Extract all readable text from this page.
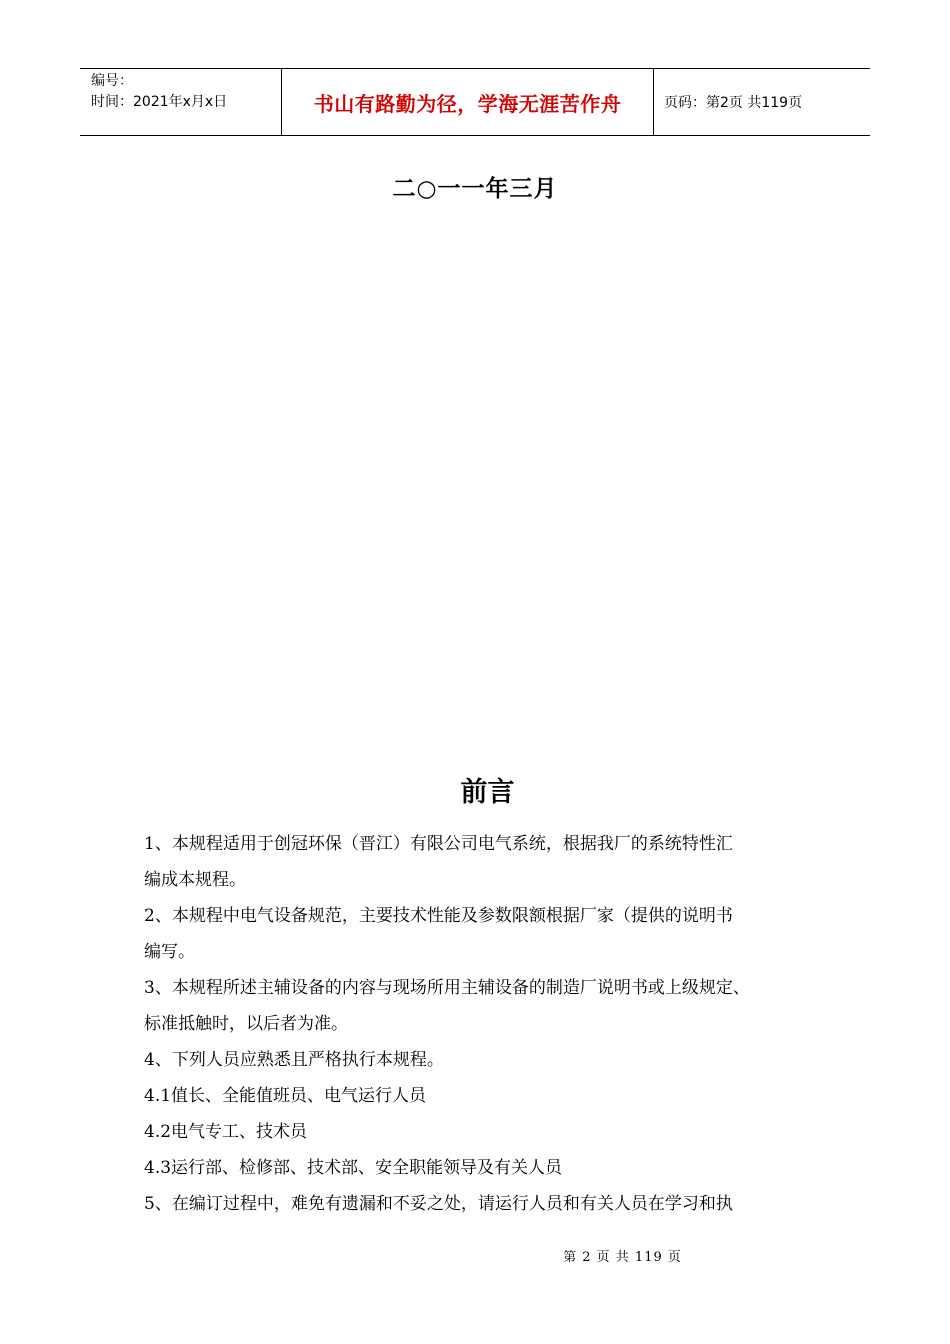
编号：
时间：2021年x月x日	书山有路勤为径，学海无涯苦作舟	页码：第2页 共119页
二○一一年三月
前言

1、本规程适用于创冠环保（晋江）有限公司电气系统，根据我厂的系统特性汇

编成本规程。

2、本规程中电气设备规范，主要技术性能及参数限额根据厂家（提供的说明书

编写。

3、本规程所述主辅设备的内容与现场所用主辅设备的制造厂说明书或上级规定、

标准抵触时，以后者为准。

4、下列人员应熟悉且严格执行本规程。

4.1值长、全能值班员、电气运行人员

4.2电气专工、技术员

4.3运行部、检修部、技术部、安全职能领导及有关人员

5、在编订过程中，难免有遗漏和不妥之处，请运行人员和有关人员在学习和执

第 2 页 共 119 页
